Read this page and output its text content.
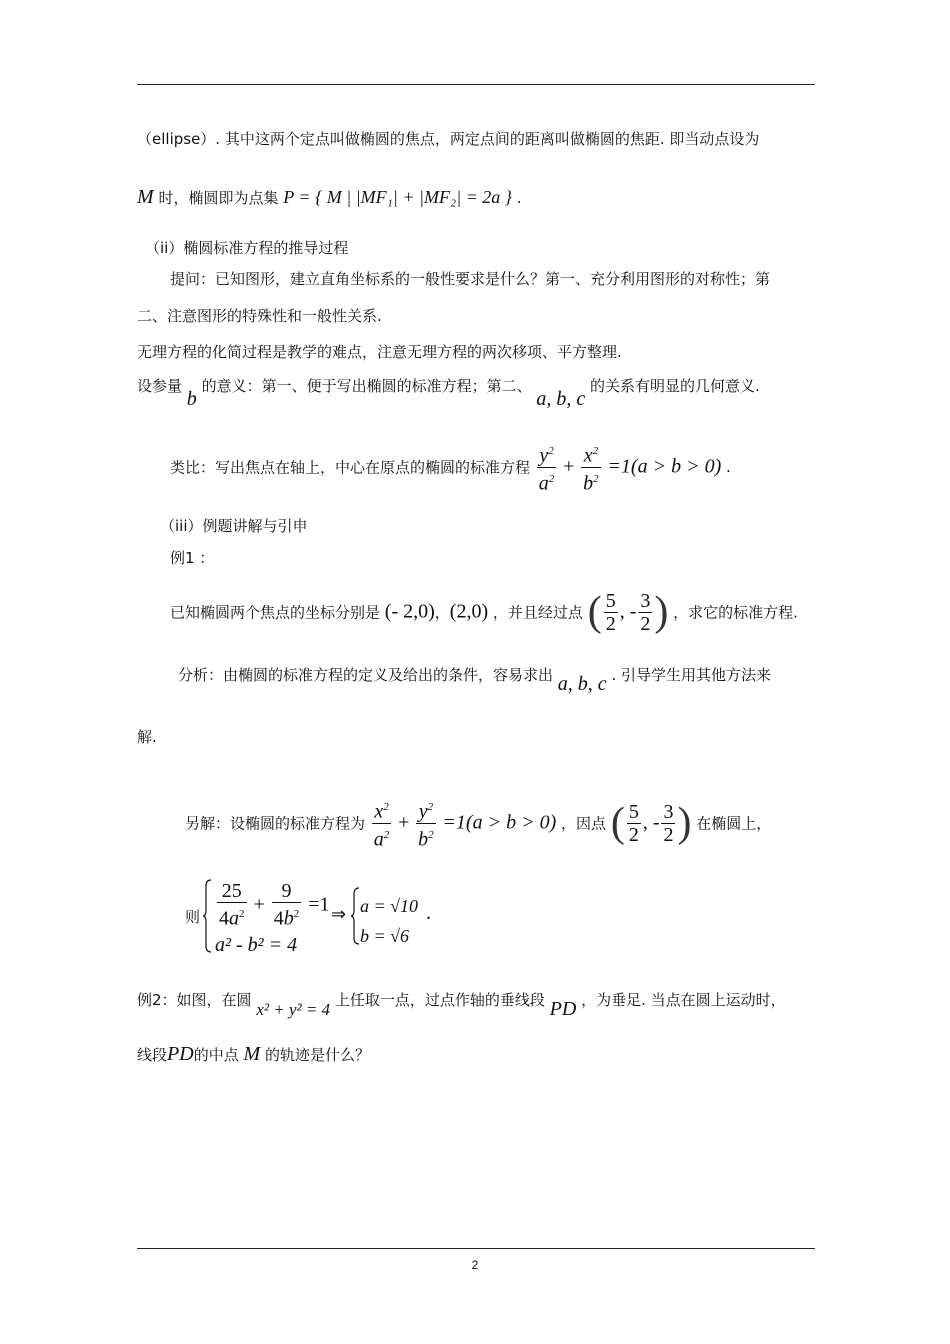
（ellipse）. 其中这两个定点叫做椭圆的焦点，两定点间的距离叫做椭圆的焦距. 即当动点设为
M 时，椭圆即为点集 P = { M | |MF₁| + |MF₂| = 2a } .
（ii）椭圆标准方程的推导过程
提问：已知图形，建立直角坐标系的一般性要求是什么？第一、充分利用图形的对称性；第
二、注意图形的特殊性和一般性关系.
无理方程的化简过程是教学的难点，注意无理方程的两次移项、平方整理.
设参量 b 的意义：第一、便于写出椭圆的标准方程；第二、 a, b, c 的关系有明显的几何意义.
类比：写出焦点在轴上，中心在原点的椭圆的标准方程 $\frac{y^2}{a^2} + \frac{x^2}{b^2} =1(a > b > 0)$ .
（iii）例题讲解与引申
例1 ：
已知椭圆两个焦点的坐标分别是 (- 2,0)，(2,0) ，并且经过点 ( $\frac{5}{2}$ , - $\frac{3}{2}$ ) ，求它的标准方程.
分析：由椭圆的标准方程的定义及给出的条件，容易求出 a, b, c . 引导学生用其他方法来
解.
另解：设椭圆的标准方程为 $\frac{x^2}{a^2} + \frac{y^2}{b^2} =1(a > b > 0)$ ，因点 ( $\frac{5}{2}$ , - $\frac{3}{2}$ ) 在椭圆上，
则 $\frac{25}{4a^2} + \frac{9}{4b^2} =1$
a² - b² = 4
⇒ a = √10
b = √6
.
例2：如图，在圆 x² + y² = 4 上任取一点，过点作轴的垂线段 PD ，为垂足. 当点在圆上运动时，
线段PD的中点 M 的轨迹是什么？
2
